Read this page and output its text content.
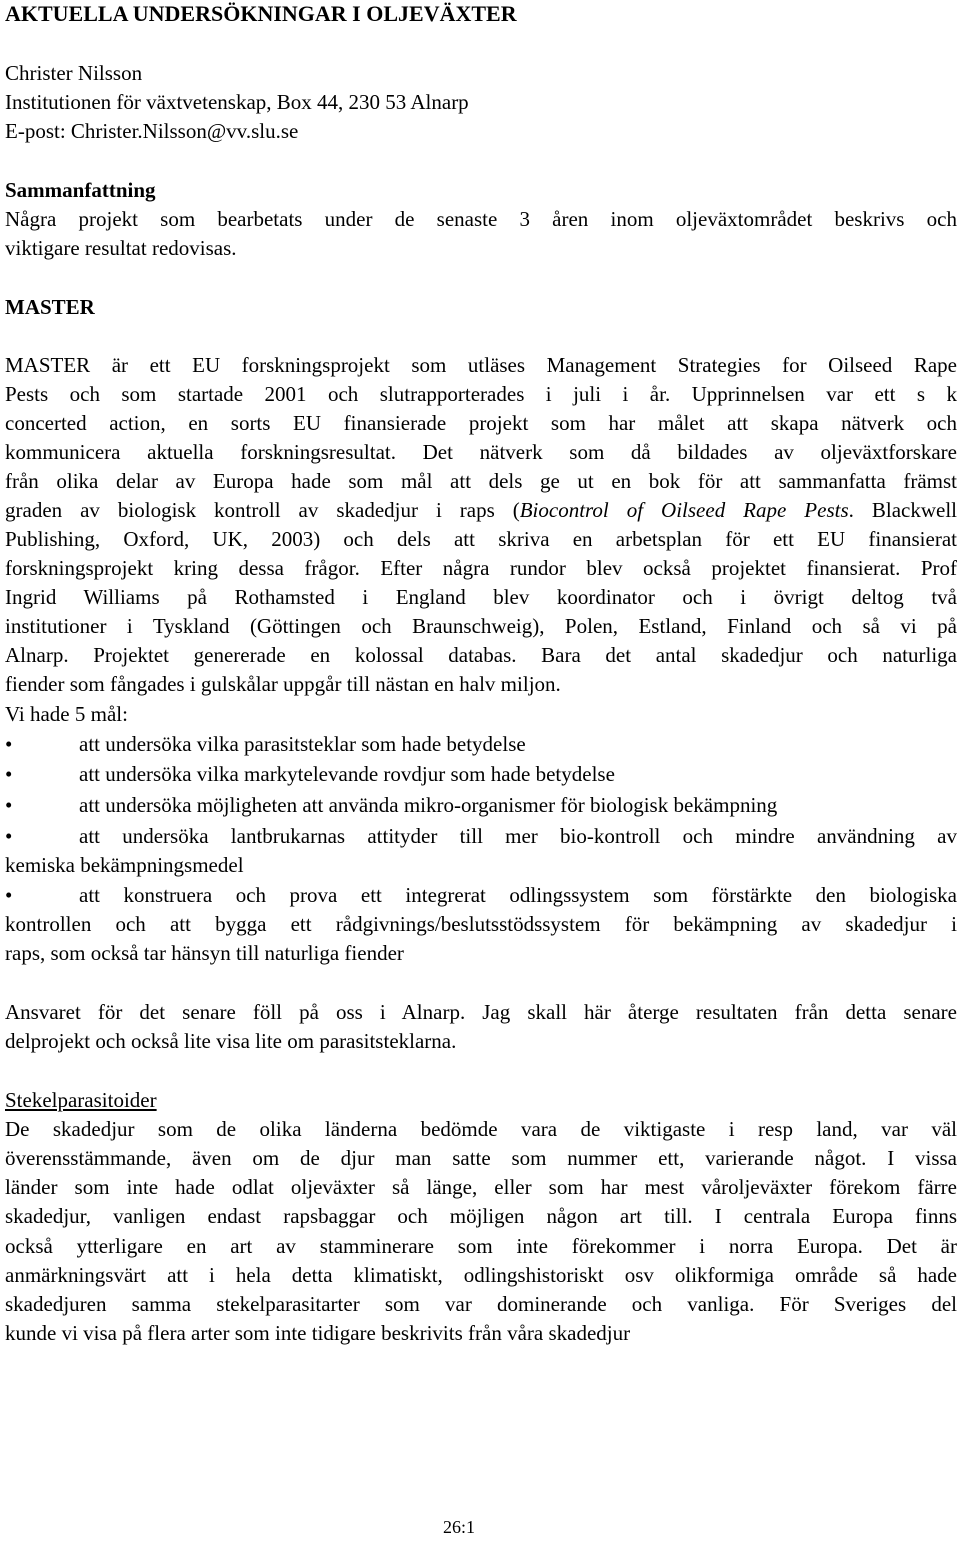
AKTUELLA UNDERSÖKNINGAR I OLJEVÄXTER
Christer Nilsson
Institutionen för växtvetenskap, Box 44, 230 53 Alnarp
E-post: Christer.Nilsson@vv.slu.se
Sammanfattning
Några projekt som bearbetats under de senaste 3 åren inom oljeväxtområdet beskrivs och
viktigare resultat redovisas.
MASTER
MASTER är ett EU forskningsprojekt som utläses Management Strategies for Oilseed Rape
Pests och som startade 2001 och slutrapporterades i juli i år. Upprinnelsen var ett s k
concerted action, en sorts EU finansierade projekt som har målet att skapa nätverk och
kommunicera aktuella forskningsresultat. Det nätverk som då bildades av oljeväxtforskare
från olika delar av Europa hade som mål att dels ge ut en bok för att sammanfatta främst
graden av biologisk kontroll av skadedjur i raps (Biocontrol of Oilseed Rape Pests. Blackwell
Publishing, Oxford, UK, 2003) och dels att skriva en arbetsplan för ett EU finansierat
forskningsprojekt kring dessa frågor. Efter några rundor blev också projektet finansierat. Prof
Ingrid Williams på Rothamsted i England blev koordinator och i övrigt deltog två
institutioner i Tyskland (Göttingen och Braunschweig), Polen, Estland, Finland och så vi på
Alnarp. Projektet genererade en kolossal databas. Bara det antal skadedjur och naturliga
fiender som fångades i gulskålar uppgår till nästan en halv miljon.
Vi hade 5 mål:
•	att undersöka vilka parasitsteklar som hade betydelse
•	att undersöka vilka markytelevande rovdjur som hade betydelse
•	att undersöka möjligheten att använda mikro-organismer för biologisk bekämpning
•	att undersöka lantbrukarnas attityder till mer bio-kontroll och mindre användning av
kemiska bekämpningsmedel
•	att konstruera och prova ett integrerat odlingssystem som förstärkte den biologiska
kontrollen och att bygga ett rådgivnings/beslutsstödssystem för bekämpning av skadedjur i
raps, som också tar hänsyn till naturliga fiender
Ansvaret för det senare föll på oss i Alnarp. Jag skall här återge resultaten från detta senare
delprojekt och också lite visa lite om parasitsteklarna.
Stekelparasitoider
De skadedjur som de olika länderna bedömde vara de viktigaste i resp land, var väl
överensstämmande, även om de djur man satte som nummer ett, varierande något. I vissa
länder som inte hade odlat oljeväxter så länge, eller som har mest våroljeväxter förekom färre
skadedjur, vanligen endast rapsbaggar och möjligen någon art till. I centrala Europa finns
också ytterligare en art av stamminerare som inte förekommer i norra Europa. Det är
anmärkningsvärt att i hela detta klimatiskt, odlingshistoriskt osv olikformiga område så hade
skadedjuren samma stekelparasitarter som var dominerande och vanliga. För Sveriges del
kunde vi visa på flera arter som inte tidigare beskrivits från våra skadedjur
26:1
